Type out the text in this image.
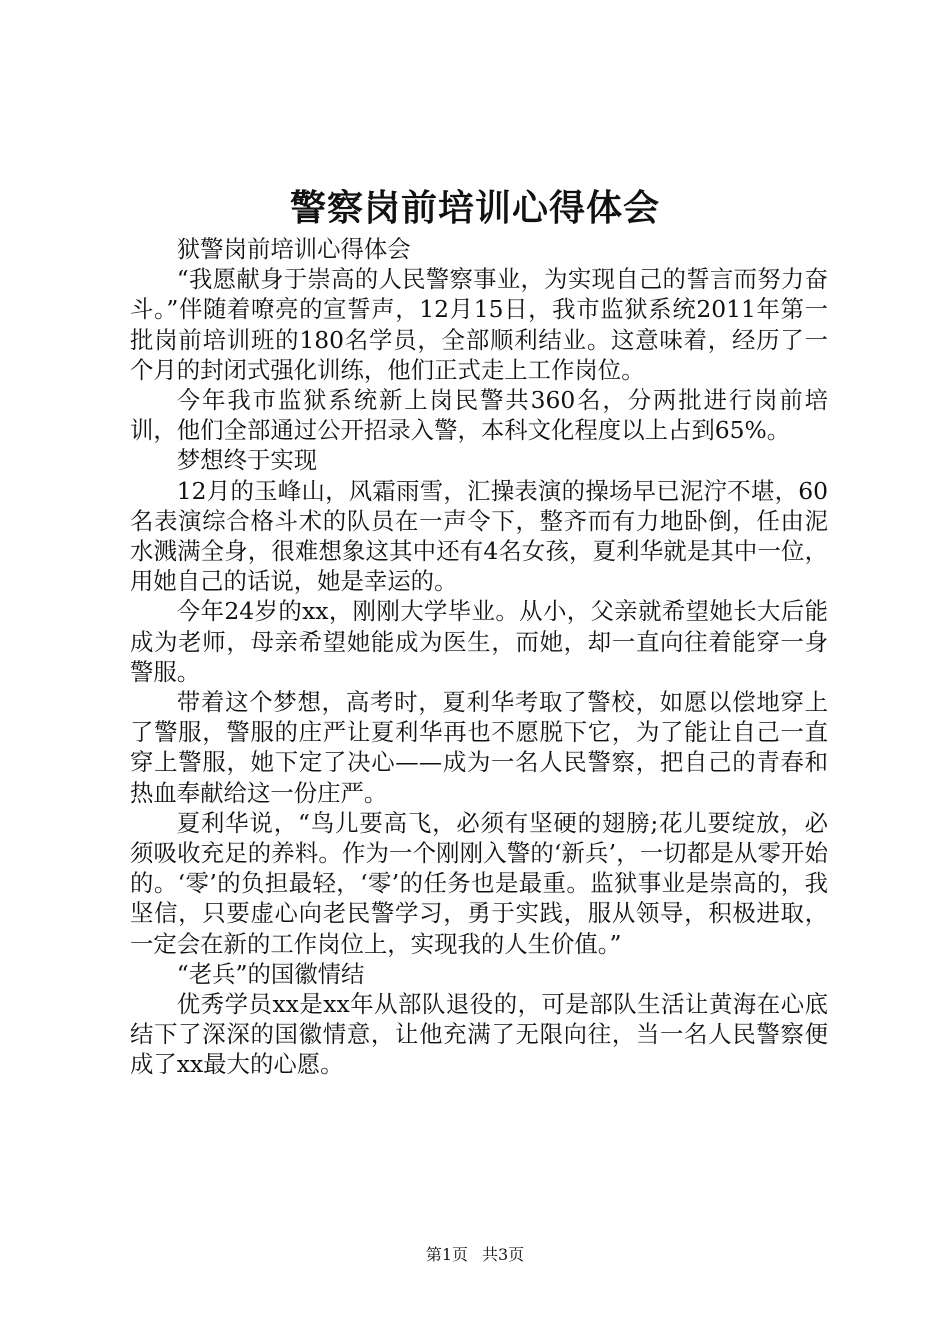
警察岗前培训心得体会

狱警岗前培训心得体会

“我愿献身于崇高的人民警察事业，为实现自己的誓言而努力奋斗。”伴随着嘹亮的宣誓声，12月15日，我市监狱系统2011年第一批岗前培训班的180名学员，全部顺利结业。这意味着，经历了一个月的封闭式强化训练，他们正式走上工作岗位。

今年我市监狱系统新上岗民警共360名，分两批进行岗前培训，他们全部通过公开招录入警，本科文化程度以上占到65%。

梦想终于实现

12月的玉峰山，风霜雨雪，汇操表演的操场早已泥泞不堪，60名表演综合格斗术的队员在一声令下，整齐而有力地卧倒，任由泥水溅满全身，很难想象这其中还有4名女孩，夏利华就是其中一位，用她自己的话说，她是幸运的。

今年24岁的xx，刚刚大学毕业。从小，父亲就希望她长大后能成为老师，母亲希望她能成为医生，而她，却一直向往着能穿一身警服。

带着这个梦想，高考时，夏利华考取了警校，如愿以偿地穿上了警服，警服的庄严让夏利华再也不愿脱下它，为了能让自己一直穿上警服，她下定了决心——成为一名人民警察，把自己的青春和热血奉献给这一份庄严。

夏利华说，“鸟儿要高飞，必须有坚硬的翅膀;花儿要绽放，必须吸收充足的养料。作为一个刚刚入警的‘新兵’，一切都是从零开始的。‘零’的负担最轻，‘零’的任务也是最重。监狱事业是崇高的，我坚信，只要虚心向老民警学习，勇于实践，服从领导，积极进取，一定会在新的工作岗位上，实现我的人生价值。”

“老兵”的国徽情结

优秀学员xx是xx年从部队退役的，可是部队生活让黄海在心底结下了深深的国徽情意，让他充满了无限向往，当一名人民警察便成了xx最大的心愿。

第1页 共3页
